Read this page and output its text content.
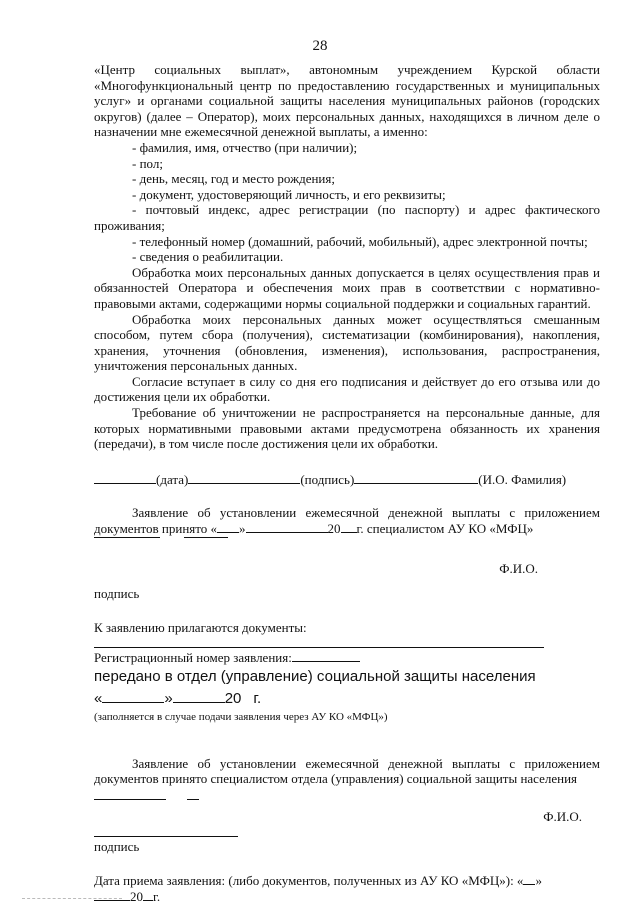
28

«Центр социальных выплат», автономным учреждением Курской области «Многофункциональный центр по предоставлению государственных и муниципальных услуг» и органами социальной защиты населения муниципальных районов (городских округов) (далее – Оператор), моих персональных данных, находящихся в личном деле о назначении мне ежемесячной денежной выплаты, а именно:

- фамилия, имя, отчество (при наличии);

- пол;

- день, месяц, год и место рождения;

- документ, удостоверяющий личность, и его реквизиты;

- почтовый индекс, адрес регистрации (по паспорту) и адрес фактического проживания;

- телефонный номер (домашний, рабочий, мобильный), адрес электронной почты;

- сведения о реабилитации.

Обработка моих персональных данных допускается в целях осуществления прав и обязанностей Оператора и обеспечения моих прав в соответствии с нормативно-правовыми актами, содержащими нормы социальной поддержки и социальных гарантий.

Обработка моих персональных данных может осуществляться смешанным способом, путем сбора (получения), систематизации (комбинирования), накопления, хранения, уточнения (обновления, изменения), использования, распространения, уничтожения персональных данных.

Согласие вступает в силу со дня его подписания и действует до его отзыва или до достижения цели их обработки.

Требование об уничтожении не распространяется на персональные данные, для которых нормативными правовыми актами предусмотрена обязанность их хранения (передачи), в том числе после достижения цели их обработки.

(дата)	(подпись)	(И.О. Фамилия)

Заявление об установлении ежемесячной денежной выплаты с приложением документов принято « »	20 г. специалистом АУ КО «МФЦ»

Ф.И.О.
подпись
К заявлению прилагаются документы:
Регистрационный номер заявления:
передано в отдел (управление) социальной защиты населения
«	»	20 г.
(заполняется в случае подачи заявления через АУ КО «МФЦ»)

Заявление об установлении ежемесячной денежной выплаты с приложением документов принято специалистом отдела (управления) социальной защиты населения

Ф.И.О.
подпись
Дата приема заявления: (либо документов, полученных из АУ КО «МФЦ»): « »
20 г.
